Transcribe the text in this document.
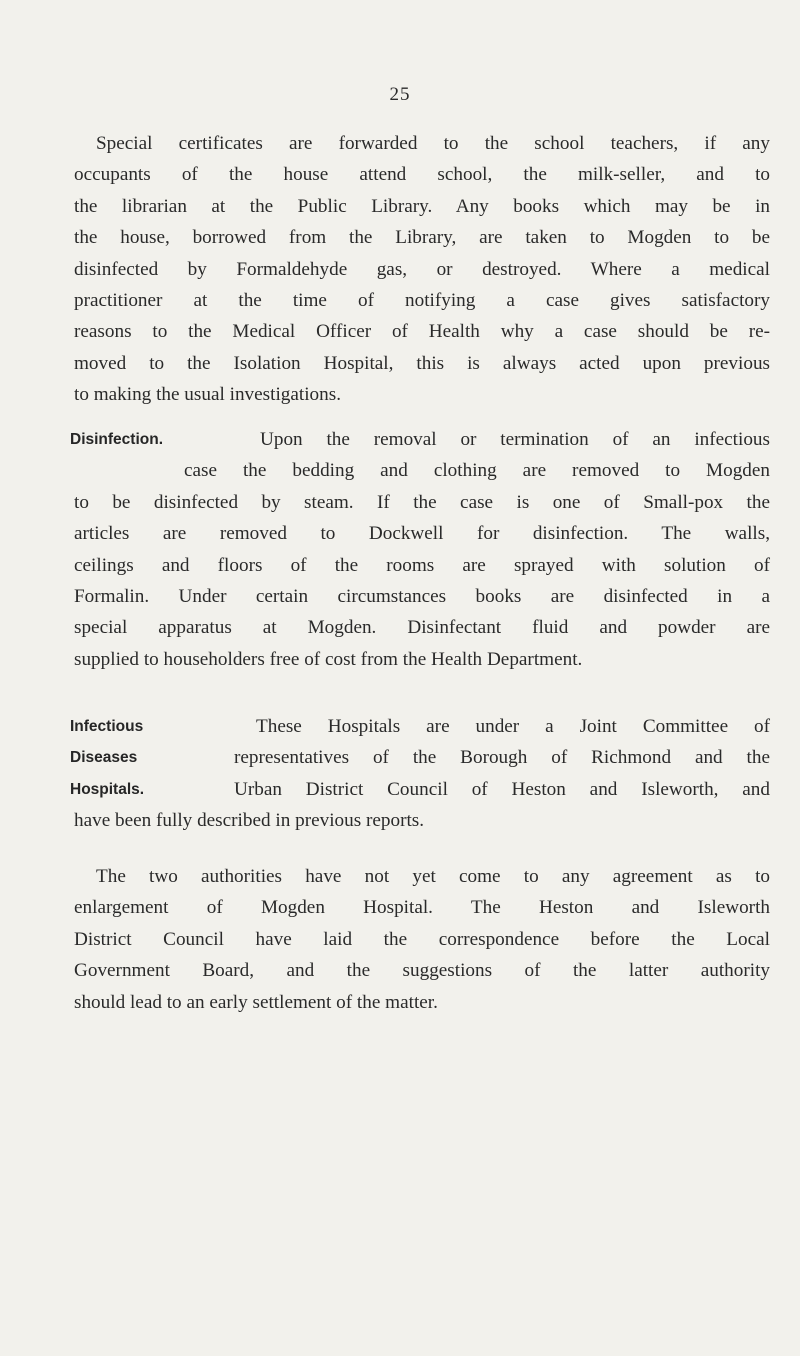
25
Special certificates are forwarded to the school teachers, if any
occupants of the house attend school, the milk-seller, and to
the librarian at the Public Library. Any books which may be in
the house, borrowed from the Library, are taken to Mogden to be
disinfected by Formaldehyde gas, or destroyed. Where a medical
practitioner at the time of notifying a case gives satisfactory
reasons to the Medical Officer of Health why a case should be re-
moved to the Isolation Hospital, this is always acted upon previous
to making the usual investigations.
Disinfection.	Upon the removal or termination of an infectious
case the bedding and clothing are removed to Mogden
to be disinfected by steam. If the case is one of Small-pox the
articles are removed to Dockwell for disinfection. The walls,
ceilings and floors of the rooms are sprayed with solution of
Formalin. Under certain circumstances books are disinfected in a
special apparatus at Mogden. Disinfectant fluid and powder are
supplied to householders free of cost from the Health Department.
Infectious
Diseases
Hospitals.
These Hospitals are under a Joint Committee of
representatives of the Borough of Richmond and the
Urban District Council of Heston and Isleworth, and
have been fully described in previous reports.
The two authorities have not yet come to any agreement as to
enlargement of Mogden Hospital. The Heston and Isleworth
District Council have laid the correspondence before the Local
Government Board, and the suggestions of the latter authority
should lead to an early settlement of the matter.
